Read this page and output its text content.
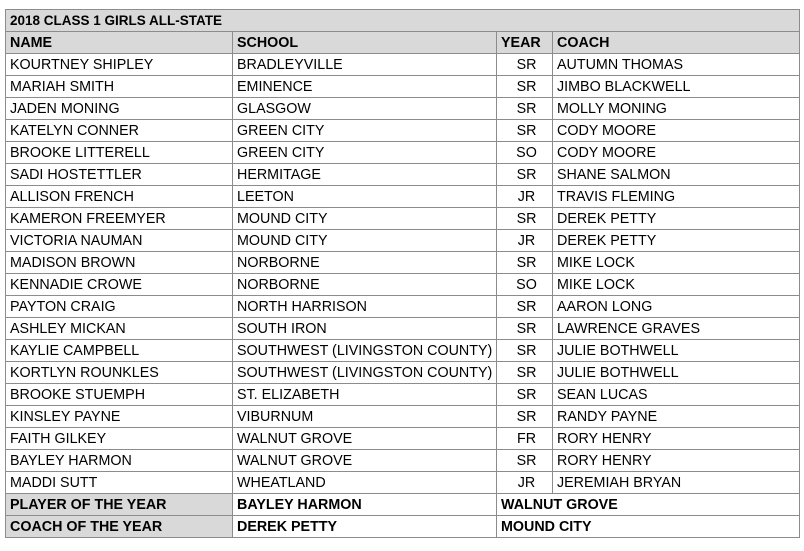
2018 CLASS 1 GIRLS ALL-STATE			
NAME	SCHOOL	YEAR	COACH
KOURTNEY SHIPLEY	BRADLEYVILLE	SR	AUTUMN THOMAS
MARIAH SMITH	EMINENCE	SR	JIMBO BLACKWELL
JADEN MONING	GLASGOW	SR	MOLLY MONING
KATELYN CONNER	GREEN CITY	SR	CODY MOORE
BROOKE LITTERELL	GREEN CITY	SO	CODY MOORE
SADI HOSTETTLER	HERMITAGE	SR	SHANE SALMON
ALLISON FRENCH	LEETON	JR	TRAVIS FLEMING
KAMERON FREEMYER	MOUND CITY	SR	DEREK PETTY
VICTORIA NAUMAN	MOUND CITY	JR	DEREK PETTY
MADISON BROWN	NORBORNE	SR	MIKE LOCK
KENNADIE CROWE	NORBORNE	SO	MIKE LOCK
PAYTON CRAIG	NORTH HARRISON	SR	AARON LONG
ASHLEY MICKAN	SOUTH IRON	SR	LAWRENCE GRAVES
KAYLIE CAMPBELL	SOUTHWEST (LIVINGSTON COUNTY)	SR	JULIE BOTHWELL
KORTLYN ROUNKLES	SOUTHWEST (LIVINGSTON COUNTY)	SR	JULIE BOTHWELL
BROOKE STUEMPH	ST. ELIZABETH	SR	SEAN LUCAS
KINSLEY PAYNE	VIBURNUM	SR	RANDY PAYNE
FAITH GILKEY	WALNUT GROVE	FR	RORY HENRY
BAYLEY HARMON	WALNUT GROVE	SR	RORY HENRY
MADDI SUTT	WHEATLAND	JR	JEREMIAH BRYAN
PLAYER OF THE YEAR	BAYLEY HARMON	WALNUT GROVE	
COACH OF THE YEAR	DEREK PETTY	MOUND CITY	
